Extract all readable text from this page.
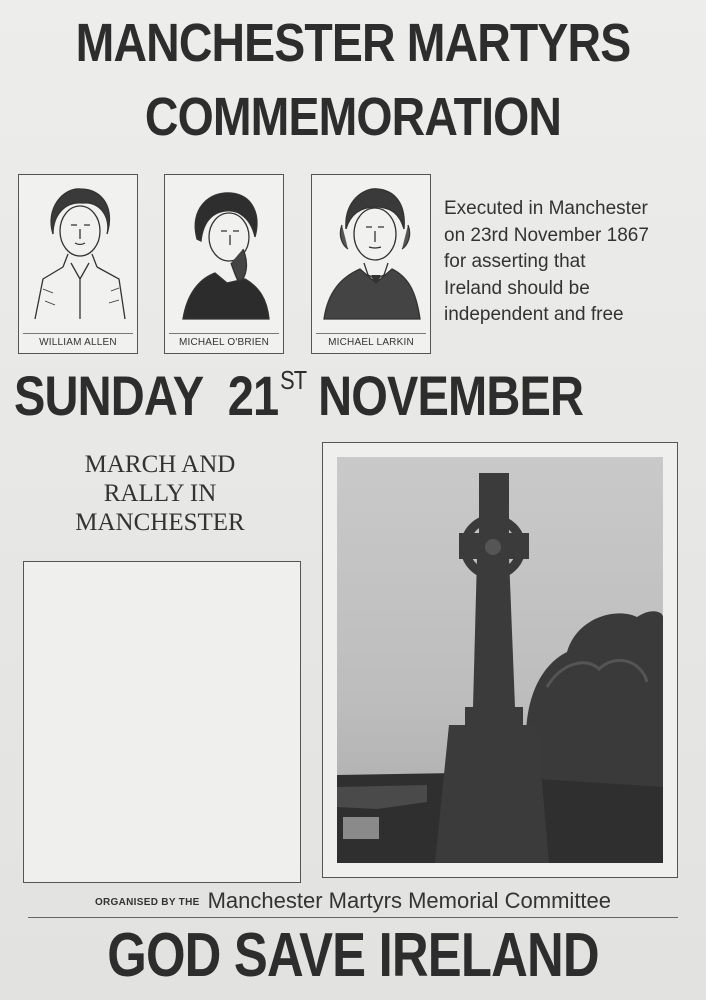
MANCHESTER MARTYRS
COMMEMORATION
WILLIAM ALLEN	MICHAEL O'BRIEN	MICHAEL LARKIN
Executed in Manchester
on 23rd November 1867
for asserting that
Ireland should be
independent and free
SUNDAY 21ST NOVEMBER
MARCH AND
RALLY IN
MANCHESTER
ORGANISED BY THE Manchester Martyrs Memorial Committee
GOD SAVE IRELAND
